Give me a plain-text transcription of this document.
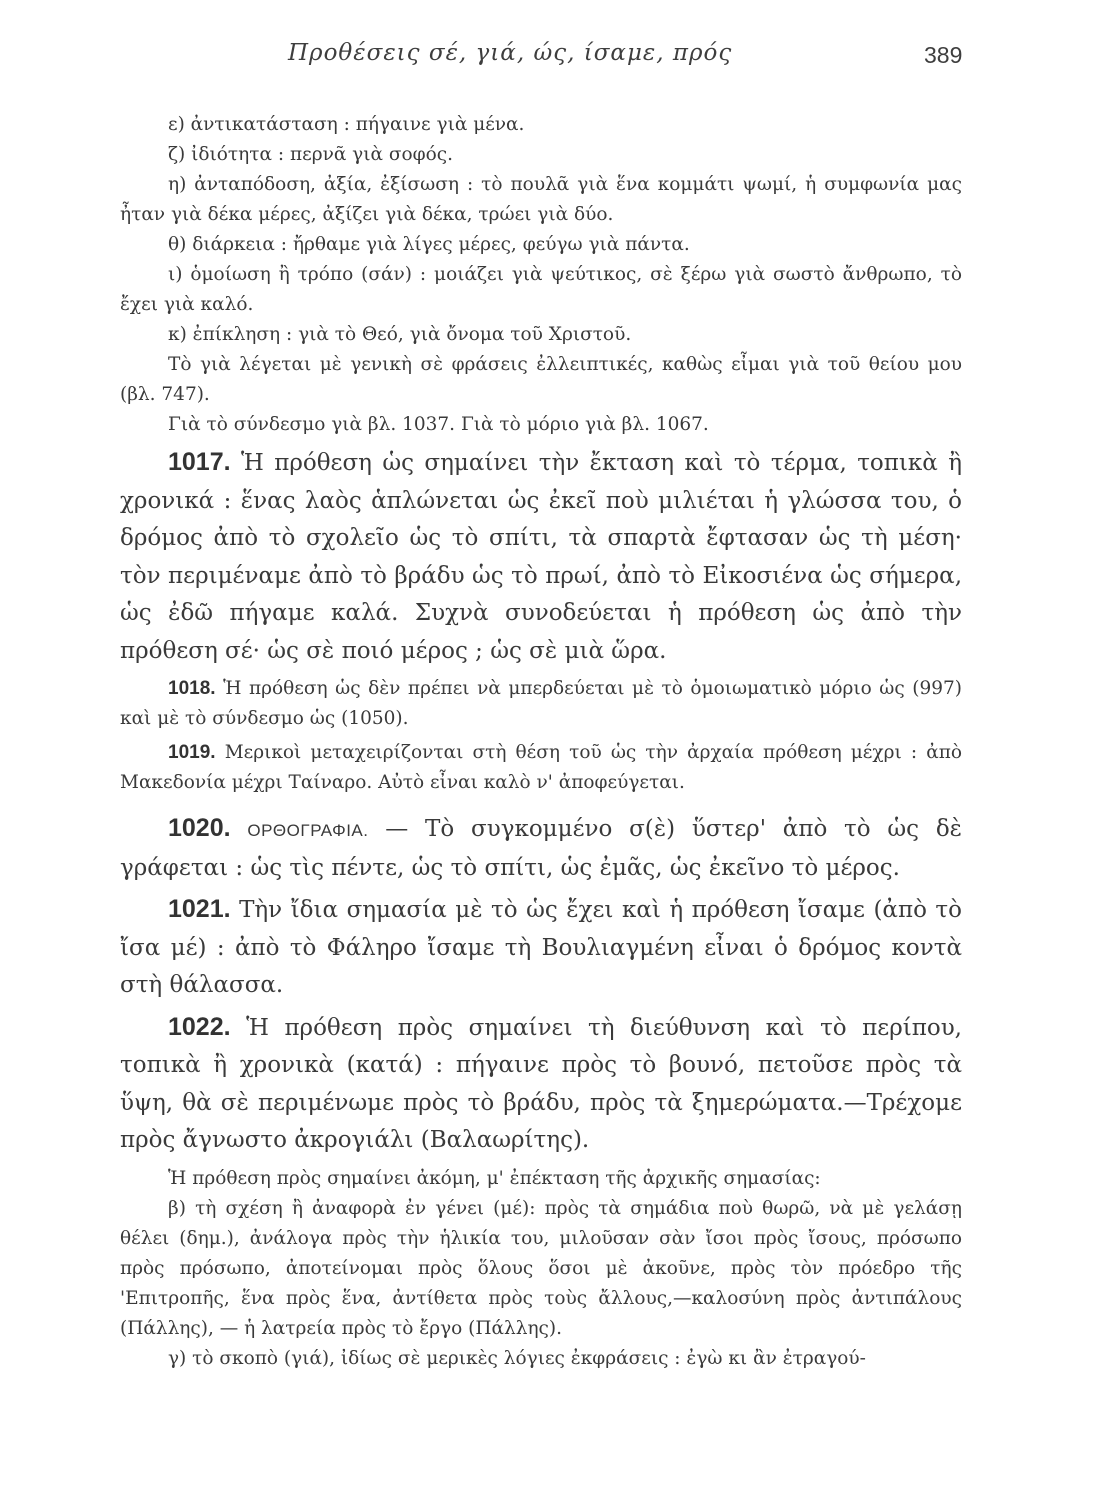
Προθέσεις σέ, γιά, ώς, ίσαμε, πρός	389

ε) ἀντικατάσταση : πήγαινε γιὰ μένα.

ζ) ἰδιότητα : περνᾶ γιὰ σοφός.

η) ἀνταπόδοση, ἀξία, ἐξίσωση : τὸ πουλᾶ γιὰ ἕνα κομμάτι ψωμί, ἡ συμφωνία μας ἦταν γιὰ δέκα μέρες, ἀξίζει γιὰ δέκα, τρώει γιὰ δύο.

θ) διάρκεια : ἤρθαμε γιὰ λίγες μέρες, φεύγω γιὰ πάντα.

ι) ὁμοίωση ἢ τρόπο (σάν) : μοιάζει γιὰ ψεύτικος, σὲ ξέρω γιὰ σωστὸ ἄνθρωπο, τὸ ἔχει γιὰ καλό.

κ) ἐπίκληση : γιὰ τὸ Θεό, γιὰ ὄνομα τοῦ Χριστοῦ.

Τὸ γιὰ λέγεται μὲ γενικὴ σὲ φράσεις ἐλλειπτικές, καθὼς εἶμαι γιὰ τοῦ θείου μου (βλ. 747).

Γιὰ τὸ σύνδεσμο γιὰ βλ. 1037. Γιὰ τὸ μόριο γιὰ βλ. 1067.

1017. Ἡ πρόθεση ὡς σημαίνει τὴν ἔκταση καὶ τὸ τέρμα, τοπικὰ ἢ χρονικά : ἕνας λαὸς ἁπλώνεται ὡς ἐκεῖ ποὺ μιλιέται ἡ γλώσσα του, ὁ δρόμος ἀπὸ τὸ σχολεῖο ὡς τὸ σπίτι, τὰ σπαρτὰ ἔφτασαν ὡς τὴ μέση· τὸν περιμέναμε ἀπὸ τὸ βράδυ ὡς τὸ πρωί, ἀπὸ τὸ Εἰκοσιένα ὡς σήμερα, ὡς ἐδῶ πήγαμε καλά. Συχνὰ συνοδεύεται ἡ πρόθεση ὡς ἀπὸ τὴν πρόθεση σέ· ὡς σὲ ποιό μέρος ; ὡς σὲ μιὰ ὥρα.

1018. Ἡ πρόθεση ὡς δὲν πρέπει νὰ μπερδεύεται μὲ τὸ ὁμοιωματικὸ μόριο ὡς (997) καὶ μὲ τὸ σύνδεσμο ὡς (1050).

1019. Μερικοὶ μεταχειρίζονται στὴ θέση τοῦ ὡς τὴν ἀρχαία πρόθεση μέχρι : ἀπὸ Μακεδονία μέχρι Ταίναρο. Αὐτὸ εἶναι καλὸ ν' ἀποφεύγεται.

1020. ΟΡΘΟΓΡΑΦΙΑ. — Τὸ συγκομμένο σ(ὲ) ὕστερ' ἀπὸ τὸ ὡς δὲ γράφεται : ὡς τὶς πέντε, ὡς τὸ σπίτι, ὡς ἐμᾶς, ὡς ἐκεῖνο τὸ μέρος.

1021. Τὴν ἴδια σημασία μὲ τὸ ὡς ἔχει καὶ ἡ πρόθεση ἴσαμε (ἀπὸ τὸ ἴσα μέ) : ἀπὸ τὸ Φάληρο ἴσαμε τὴ Βουλιαγμένη εἶναι ὁ δρόμος κοντὰ στὴ θάλασσα.

1022. Ἡ πρόθεση πρὸς σημαίνει τὴ διεύθυνση καὶ τὸ περίπου, τοπικὰ ἢ χρονικὰ (κατά) : πήγαινε πρὸς τὸ βουνό, πετοῦσε πρὸς τὰ ὕψη, θὰ σὲ περιμένωμε πρὸς τὸ βράδυ, πρὸς τὰ ξημερώματα.—Τρέχομε πρὸς ἄγνωστο ἀκρογιάλι (Βαλαωρίτης).

Ἡ πρόθεση πρὸς σημαίνει ἀκόμη, μ' ἐπέκταση τῆς ἀρχικῆς σημασίας:

β) τὴ σχέση ἢ ἀναφορὰ ἐν γένει (μέ): πρὸς τὰ σημάδια ποὺ θωρῶ, νὰ μὲ γελάσῃ θέλει (δημ.), ἀνάλογα πρὸς τὴν ἡλικία του, μιλοῦσαν σὰν ἴσοι πρὸς ἴσους, πρόσωπο πρὸς πρόσωπο, ἀποτείνομαι πρὸς ὅλους ὅσοι μὲ ἀκοῦνε, πρὸς τὸν πρόεδρο τῆς 'Επιτροπῆς, ἕνα πρὸς ἕνα, ἀντίθετα πρὸς τοὺς ἄλλους,—καλοσύνη πρὸς ἀντιπάλους (Πάλλης), — ἡ λατρεία πρὸς τὸ ἔργο (Πάλλης).

γ) τὸ σκοπὸ (γιά), ἰδίως σὲ μερικὲς λόγιες ἐκφράσεις : ἐγὼ κι ἂν ἐτραγού-
